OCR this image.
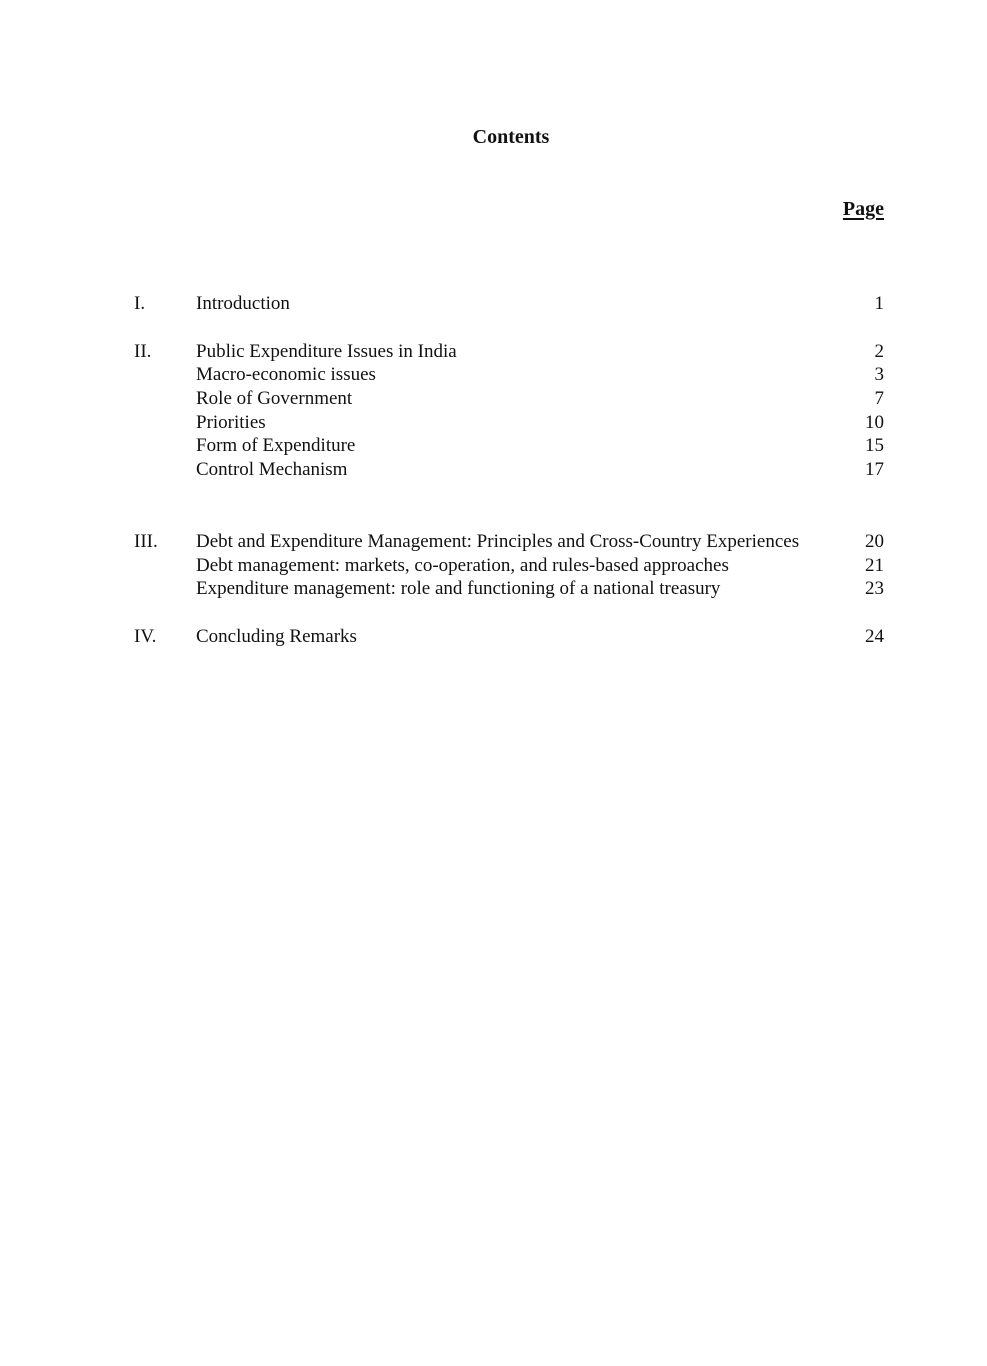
Contents
Page
I.	Introduction	1
II. Public Expenditure Issues in India	2
Macro-economic issues	3
Role of Government	7
Priorities	10
Form of Expenditure	15
Control Mechanism	17
III. Debt and Expenditure Management: Principles and Cross-Country Experiences	20
Debt management: markets, co-operation, and rules-based approaches	21
Expenditure management: role and functioning of a national treasury	23
IV. Concluding Remarks	24
